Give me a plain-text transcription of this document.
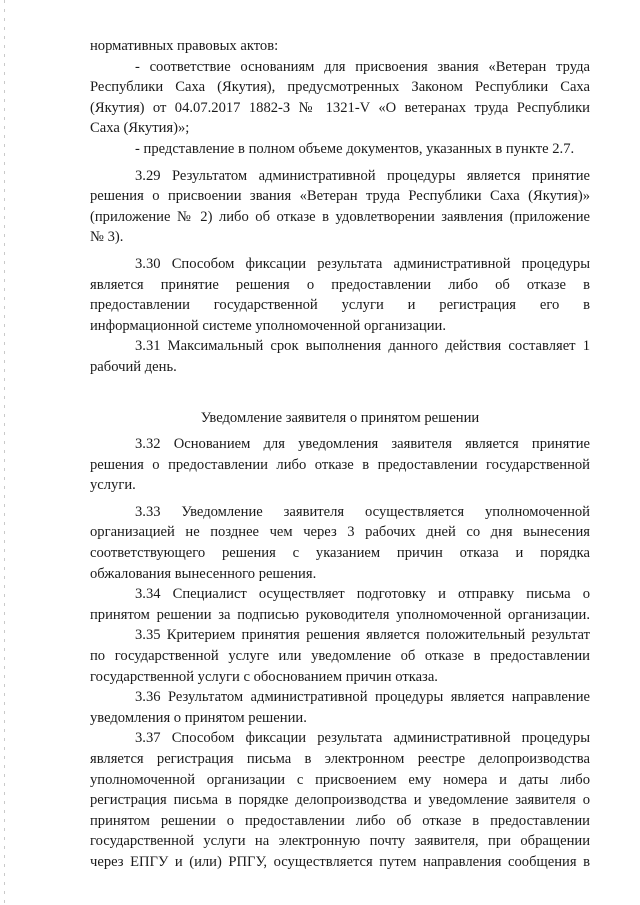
нормативных правовых актов:
- соответствие основаниям для присвоения звания «Ветеран труда
Республики Саха (Якутия), предусмотренных Законом Республики Саха
(Якутия) от 04.07.2017 1882-З № 1321-V «О ветеранах труда Республики
Саха (Якутия)»;
- представление в полном объеме документов, указанных в пункте 2.7.
3.29 Результатом административной процедуры является принятие
решения о присвоении звания «Ветеран труда Республики Саха (Якутия)»
(приложение № 2) либо об отказе в удовлетворении заявления (приложение
№ 3).
3.30 Способом фиксации результата административной процедуры
является принятие решения о предоставлении либо об отказе в
предоставлении государственной услуги и регистрация его в
информационной системе уполномоченной организации.
3.31 Максимальный срок выполнения данного действия составляет 1
рабочий день.
Уведомление заявителя о принятом решении
3.32 Основанием для уведомления заявителя является принятие
решения о предоставлении либо отказе в предоставлении государственной
услуги.
3.33 Уведомление заявителя осуществляется уполномоченной
организацией не позднее чем через 3 рабочих дней со дня вынесения
соответствующего решения с указанием причин отказа и порядка
обжалования вынесенного решения.
3.34 Специалист осуществляет подготовку и отправку письма о
принятом решении за подписью руководителя уполномоченной организации.
3.35 Критерием принятия решения является положительный результат
по государственной услуге или уведомление об отказе в предоставлении
государственной услуги с обоснованием причин отказа.
3.36 Результатом административной процедуры является направление
уведомления о принятом решении.
3.37 Способом фиксации результата административной процедуры
является регистрация письма в электронном реестре делопроизводства
уполномоченной организации с присвоением ему номера и даты либо
регистрация письма в порядке делопроизводства и уведомление заявителя о
принятом решении о предоставлении либо об отказе в предоставлении
государственной услуги на электронную почту заявителя, при обращении
через ЕПГУ и (или) РПГУ, осуществляется путем направления сообщения в
